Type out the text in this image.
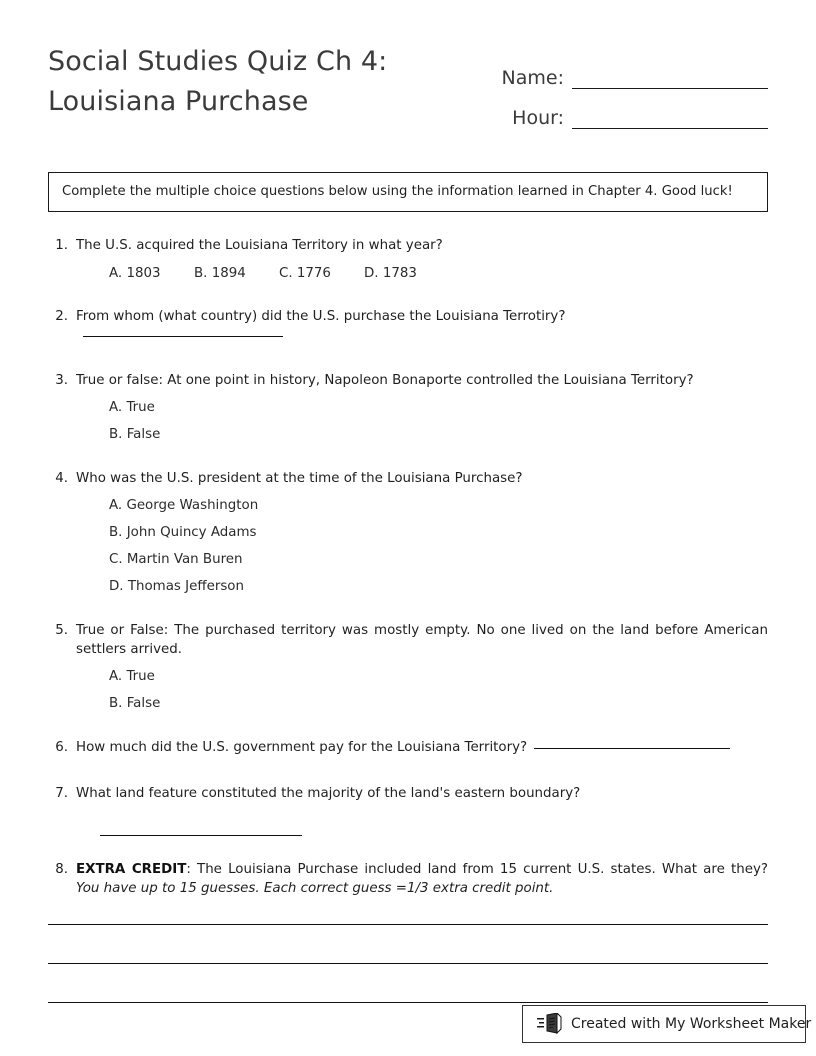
Social Studies Quiz Ch 4:
Louisiana Purchase
Name:
Hour:
Complete the multiple choice questions below using the information learned in Chapter 4. Good luck!
1. The U.S. acquired the Louisiana Territory in what year?
A. 1803	B. 1894	C. 1776	D. 1783
2. From whom (what country) did the U.S. purchase the Louisiana Terrotiry?
3. True or false: At one point in history, Napoleon Bonaporte controlled the Louisiana Territory?
A. True
B. False
4. Who was the U.S. president at the time of the Louisiana Purchase?
A. George Washington
B. John Quincy Adams
C. Martin Van Buren
D. Thomas Jefferson
5. True or False: The purchased territory was mostly empty. No one lived on the land before American settlers arrived.
A. True
B. False
6. How much did the U.S. government pay for the Louisiana Territory?
7. What land feature constituted the majority of the land's eastern boundary?
8. EXTRA CREDIT: The Louisiana Purchase included land from 15 current U.S. states. What are they? You have up to 15 guesses. Each correct guess =1/3 extra credit point.
Created with My Worksheet Maker
